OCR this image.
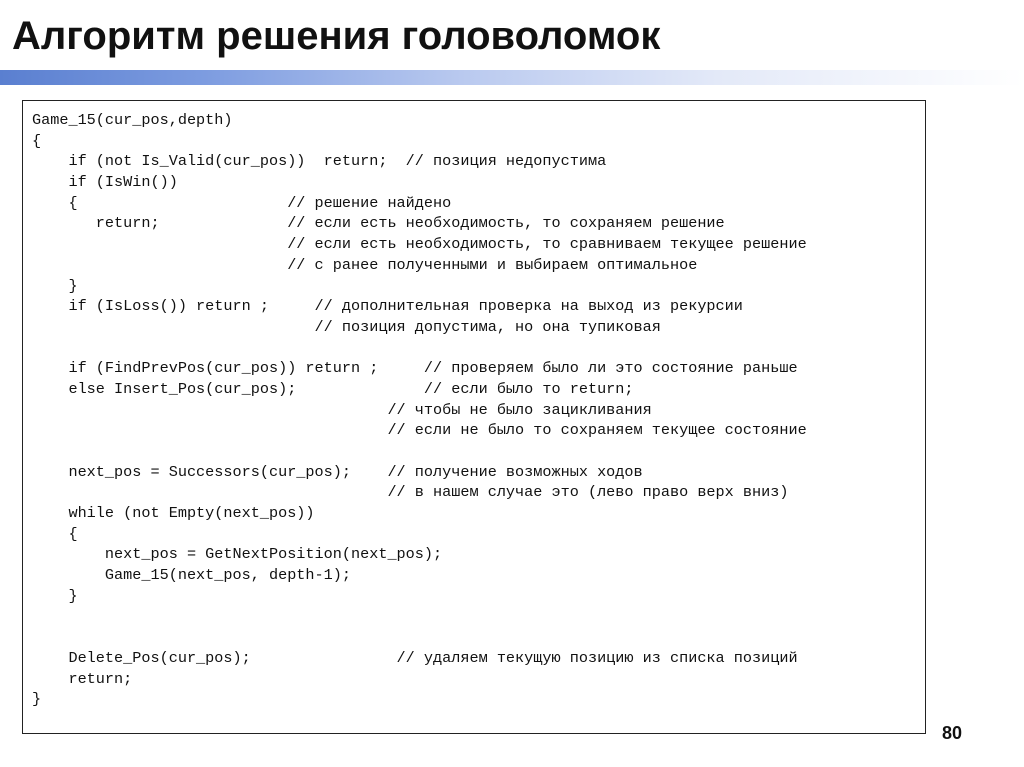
Алгоритм решения головоломок
Game_15(cur_pos,depth)
{
if (not Is_Valid(cur_pos))  return;  // позиция недопустима
if (IsWin())
{                       // решение найдено
return;              // если есть необходимость, то сохраняем решение
// если есть необходимость, то сравниваем текущее решение
// с ранее полученными и выбираем оптимальное
}
if (IsLoss()) return ;     // дополнительная проверка на выход из рекурсии
// позиция допустима, но она тупиковая
if (FindPrevPos(cur_pos)) return ;     // проверяем было ли это состояние раньше
else Insert_Pos(cur_pos);              // если было то return;
// чтобы не было зацикливания
// если не было то сохраняем текущее состояние
next_pos = Successors(cur_pos);    // получение возможных ходов
// в нашем случае это (лево право верх вниз)
while (not Empty(next_pos))
{
next_pos = GetNextPosition(next_pos);
Game_15(next_pos, depth-1);
}
Delete_Pos(cur_pos);                // удаляем текущую позицию из списка позиций
return;
}
80
